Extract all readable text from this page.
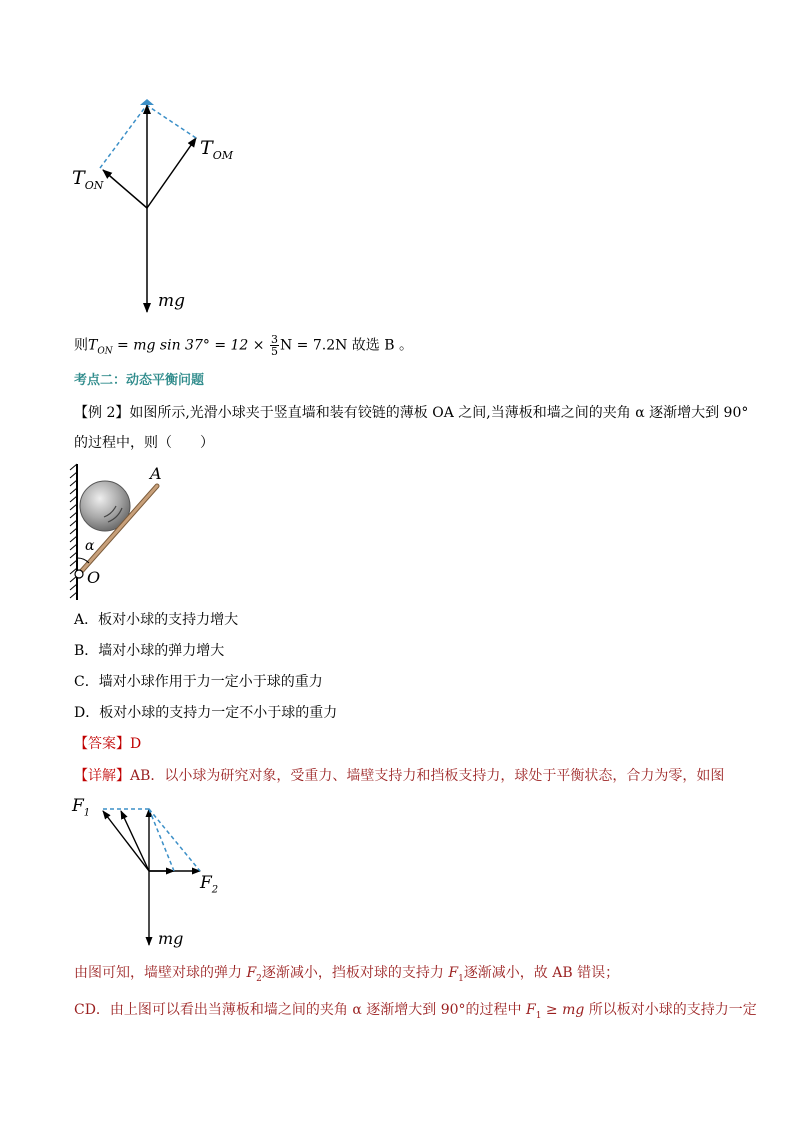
$T_{ON}$
$T_{OM}$
mg
则$T_{ON}$ = mg $\sin 37^\circ = 12 \times \frac{3}{5}$ N = 7.2N 故选 B 。
考点二：动态平衡问题
【例 2】如图所示,光滑小球夹于竖直墙和装有铰链的薄板 OA 之间,当薄板和墙之间的夹角 α 逐渐增大到 90°
的过程中，则（　　）
A
α
O
A．板对小球的支持力增大
B．墙对小球的弹力增大
C．墙对小球作用于力一定小于球的重力
D．板对小球的支持力一定不小于球的重力
【答案】D
【详解】AB．以小球为研究对象，受重力、墙壁支持力和挡板支持力，球处于平衡状态，合力为零，如图
$F_1$
$F_2$
mg
由图可知，墙壁对球的弹力 $F_2$逐渐减小，挡板对球的支持力 $F_1$逐渐减小，故 AB 错误；
CD．由上图可以看出当薄板和墙之间的夹角 α 逐渐增大到 90°的过程中 $F_1$ ≥ mg 所以板对小球的支持力一定
